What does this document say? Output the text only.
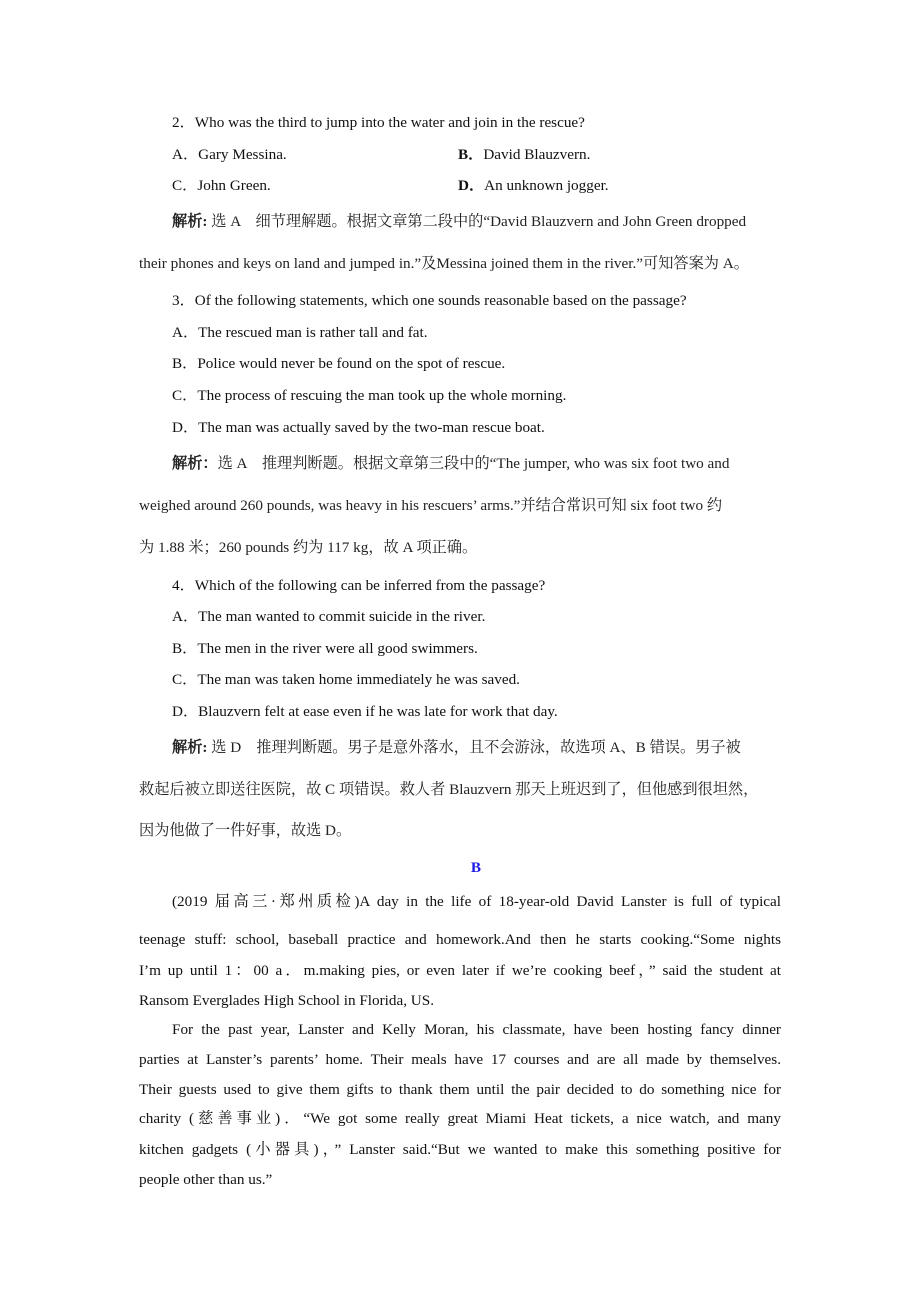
2．Who was the third to jump into the water and join in the rescue?
A．Gary Messina.	B．David Blauzvern.
C．John Green.	D．An unknown jogger.
解析: 选 A　细节理解题。根据文章第二段中的“David Blauzvern and John Green dropped
their phones and keys on land and jumped in.”及Messina joined them in the river.”可知答案为 A。
3．Of the following statements, which one sounds reasonable based on the passage?
A．The rescued man is rather tall and fat.
B．Police would never be found on the spot of rescue.
C．The process of rescuing the man took up the whole morning.
D．The man was actually saved by the two-man rescue boat.
解析：选 A　推理判断题。根据文章第三段中的“The jumper, who was six foot two and
weighed around 260 pounds, was heavy in his rescuers’ arms.”并结合常识可知 six foot two 约
为 1.88 米；260 pounds 约为 117 kg，故 A 项正确。
4．Which of the following can be inferred from the passage?
A．The man wanted to commit suicide in the river.
B．The men in the river were all good swimmers.
C．The man was taken home immediately he was saved.
D．Blauzvern felt at ease even if he was late for work that day.
解析: 选 D　推理判断题。男子是意外落水，且不会游泳，故选项 A、B 错误。男子被
救起后被立即送往医院，故 C 项错误。救人者 Blauzvern 那天上班迟到了，但他感到很坦然，
因为他做了一件好事，故选 D。
B
(2019 届高三·郑州质检)A day in the life of 18-year-old David Lanster is full of typical
teenage stuff: school, baseball practice and homework.And then he starts cooking.“Some nights
I’m up until 1：00 a．m.making pies, or even later if we’re cooking beef，” said the student at
Ransom Everglades High School in Florida, US.
For the past year, Lanster and Kelly Moran, his classmate, have been hosting fancy dinner
parties at Lanster’s parents’ home. Their meals have 17 courses and are all made by themselves.
Their guests used to give them gifts to thank them until the pair decided to do something nice for
charity (慈善事业)．“We got some really great Miami Heat tickets, a nice watch, and many
kitchen gadgets (小器具)，” Lanster said.“But we wanted to make this something positive for
people other than us.”
